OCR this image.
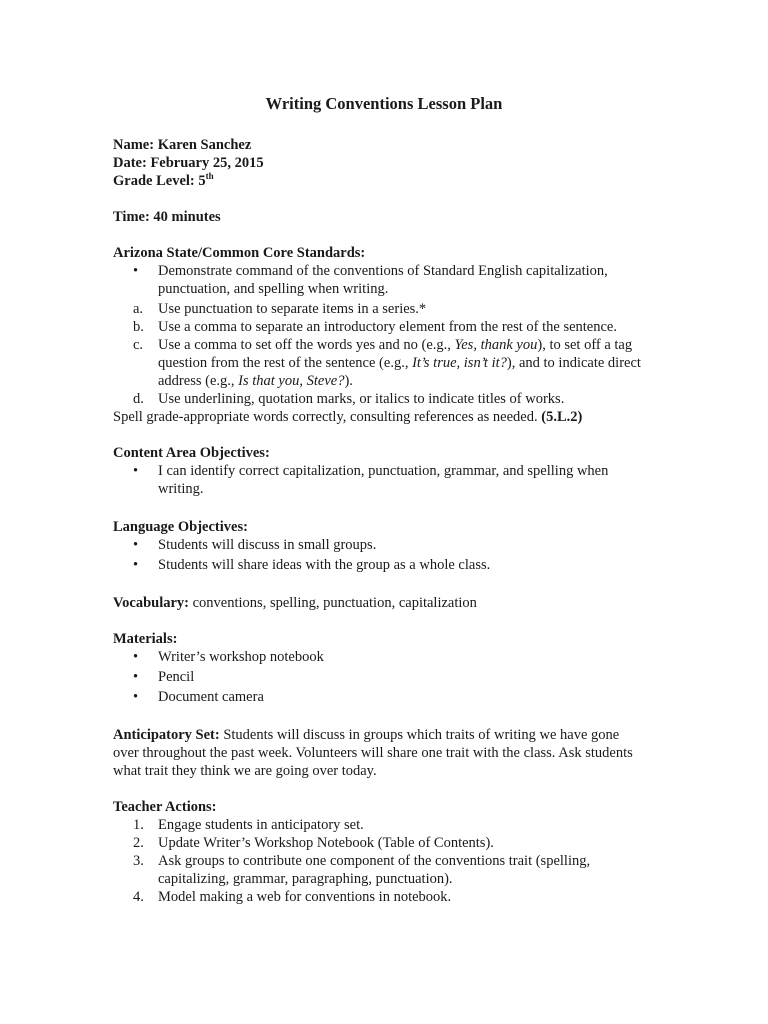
Writing Conventions Lesson Plan

Name: Karen Sanchez

Date: February 25, 2015

Grade Level: 5th

Time: 40 minutes

Arizona State/Common Core Standards:

• Demonstrate command of the conventions of Standard English capitalization, punctuation, and spelling when writing.
a. Use punctuation to separate items in a series.*
b. Use a comma to separate an introductory element from the rest of the sentence.
c. Use a comma to set off the words yes and no (e.g., Yes, thank you), to set off a tag question from the rest of the sentence (e.g., It’s true, isn’t it?), and to indicate direct address (e.g., Is that you, Steve?).
d. Use underlining, quotation marks, or italics to indicate titles of works.

Spell grade-appropriate words correctly, consulting references as needed. (5.L.2)

Content Area Objectives:

• I can identify correct capitalization, punctuation, grammar, and spelling when writing.

Language Objectives:

• Students will discuss in small groups.
• Students will share ideas with the group as a whole class.

Vocabulary: conventions, spelling, punctuation, capitalization

Materials:

• Writer’s workshop notebook
• Pencil
• Document camera

Anticipatory Set: Students will discuss in groups which traits of writing we have gone over throughout the past week. Volunteers will share one trait with the class. Ask students what trait they think we are going over today.

Teacher Actions:

1. Engage students in anticipatory set.
2. Update Writer’s Workshop Notebook (Table of Contents).
3. Ask groups to contribute one component of the conventions trait (spelling, capitalizing, grammar, paragraphing, punctuation).
4. Model making a web for conventions in notebook.
